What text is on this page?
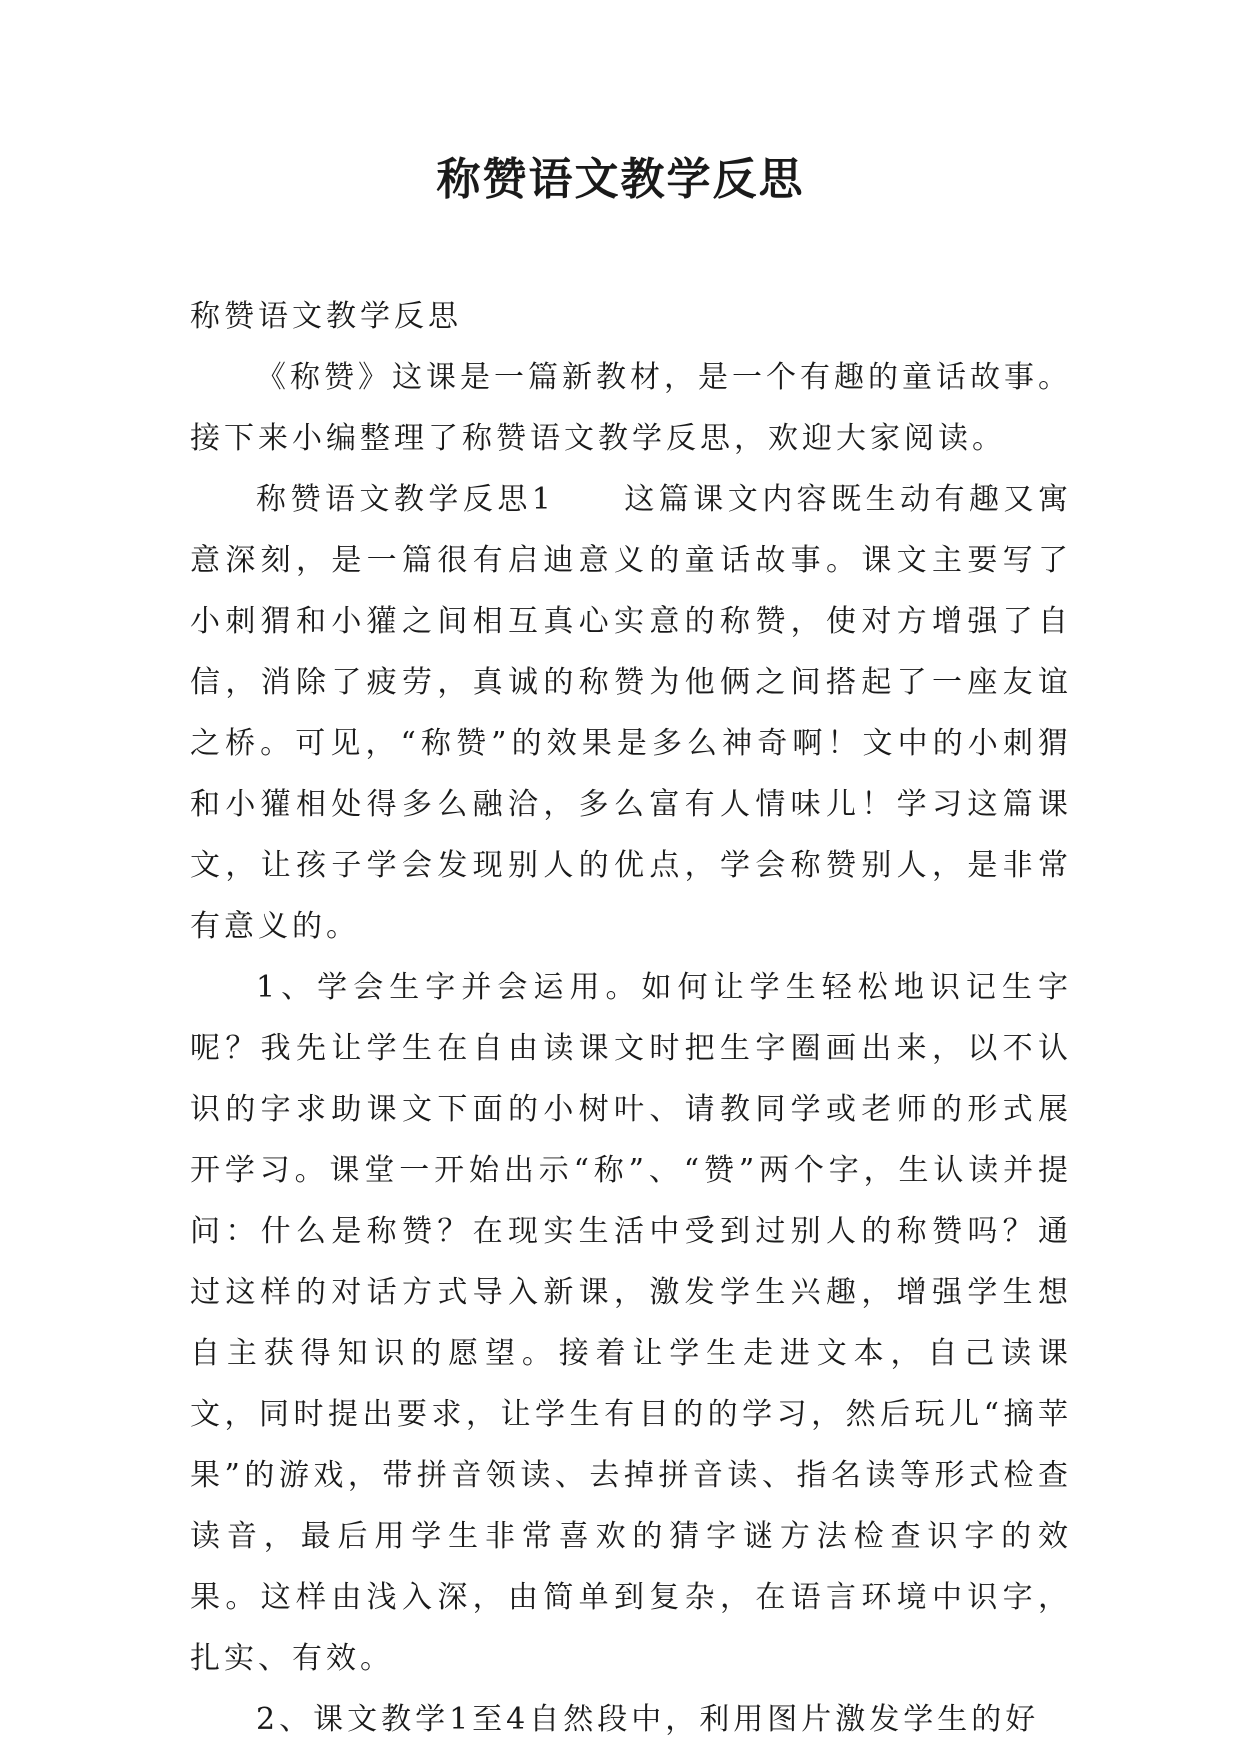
称赞语文教学反思

称赞语文教学反思

《称赞》这课是一篇新教材，是一个有趣的童话故事。接下来小编整理了称赞语文教学反思，欢迎大家阅读。

称赞语文教学反思1　　这篇课文内容既生动有趣又寓意深刻，是一篇很有启迪意义的童话故事。课文主要写了小刺猬和小獾之间相互真心实意的称赞，使对方增强了自信，消除了疲劳，真诚的称赞为他俩之间搭起了一座友谊之桥。可见，“称赞”的效果是多么神奇啊！文中的小刺猬和小獾相处得多么融洽，多么富有人情味儿！学习这篇课文，让孩子学会发现别人的优点，学会称赞别人，是非常有意义的。

1、学会生字并会运用。如何让学生轻松地识记生字呢？我先让学生在自由读课文时把生字圈画出来，以不认识的字求助课文下面的小树叶、请教同学或老师的形式展开学习。课堂一开始出示“称”、“赞”两个字，生认读并提问：什么是称赞？在现实生活中受到过别人的称赞吗？通过这样的对话方式导入新课，激发学生兴趣，增强学生想自主获得知识的愿望。接着让学生走进文本，自己读课文，同时提出要求，让学生有目的的学习，然后玩儿“摘苹果”的游戏，带拼音领读、去掉拼音读、指名读等形式检查读音，最后用学生非常喜欢的猜字谜方法检查识字的效果。这样由浅入深，由简单到复杂，在语言环境中识字，扎实、有效。

2、课文教学1至4自然段中，利用图片激发学生的好
